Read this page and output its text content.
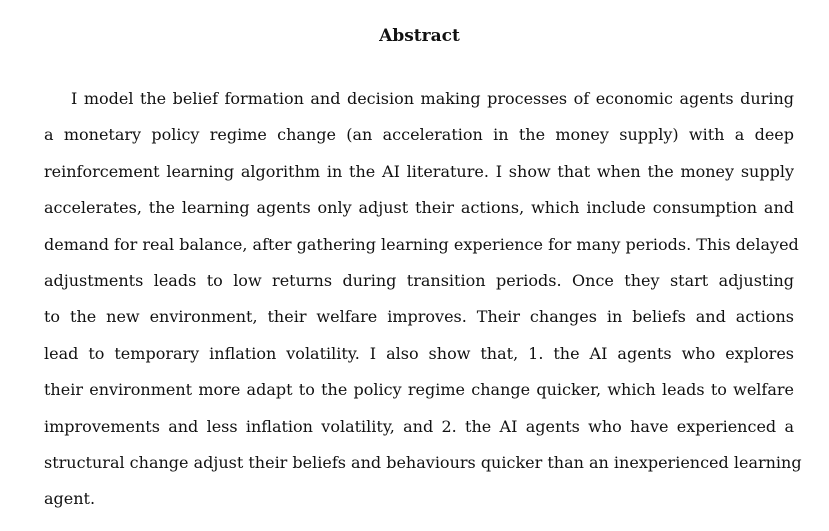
Abstract
I model the belief formation and decision making processes of economic agents during
a monetary policy regime change (an acceleration in the money supply) with a deep
reinforcement learning algorithm in the AI literature. I show that when the money supply
accelerates, the learning agents only adjust their actions, which include consumption and
demand for real balance, after gathering learning experience for many periods. This delayed
adjustments leads to low returns during transition periods. Once they start adjusting
to the new environment, their welfare improves. Their changes in beliefs and actions
lead to temporary inflation volatility. I also show that, 1. the AI agents who explores
their environment more adapt to the policy regime change quicker, which leads to welfare
improvements and less inflation volatility, and 2. the AI agents who have experienced a
structural change adjust their beliefs and behaviours quicker than an inexperienced learning
agent.
